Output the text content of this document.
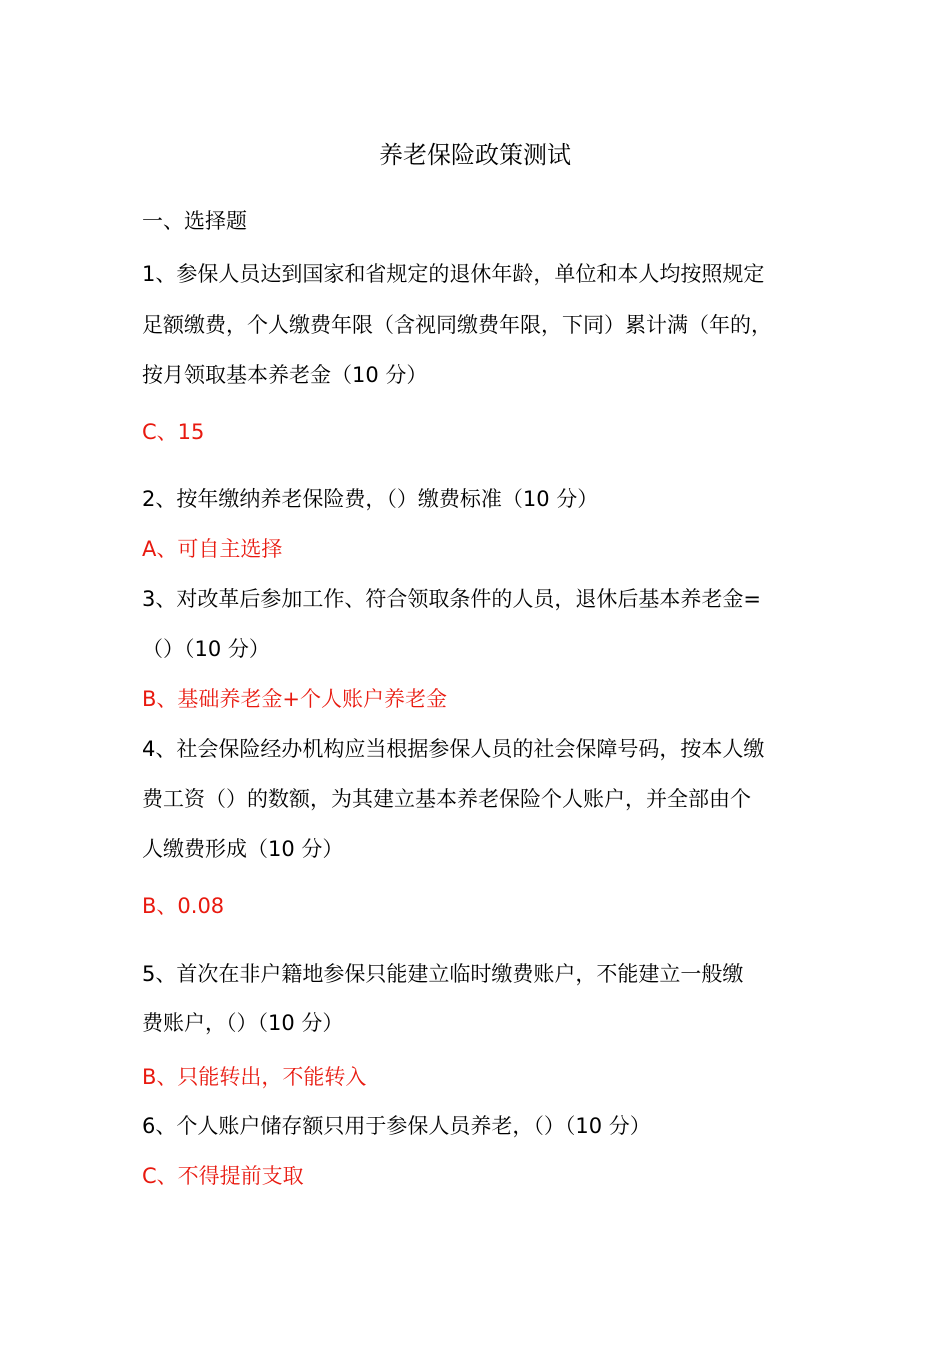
养老保险政策测试
一、选择题
1、参保人员达到国家和省规定的退休年龄，单位和本人均按照规定
足额缴费，个人缴费年限（含视同缴费年限，下同）累计满（年的，
按月领取基本养老金（10 分）
C、15
2、按年缴纳养老保险费，（）缴费标准（10 分）
A、可自主选择
3、对改革后参加工作、符合领取条件的人员，退休后基本养老金=
（）（10 分）
B、基础养老金+个人账户养老金
4、社会保险经办机构应当根据参保人员的社会保障号码，按本人缴
费工资（）的数额，为其建立基本养老保险个人账户，并全部由个
人缴费形成（10 分）
B、0.08
5、首次在非户籍地参保只能建立临时缴费账户，不能建立一般缴
费账户，（）（10 分）
B、只能转出，不能转入
6、个人账户储存额只用于参保人员养老，（）（10 分）
C、不得提前支取
